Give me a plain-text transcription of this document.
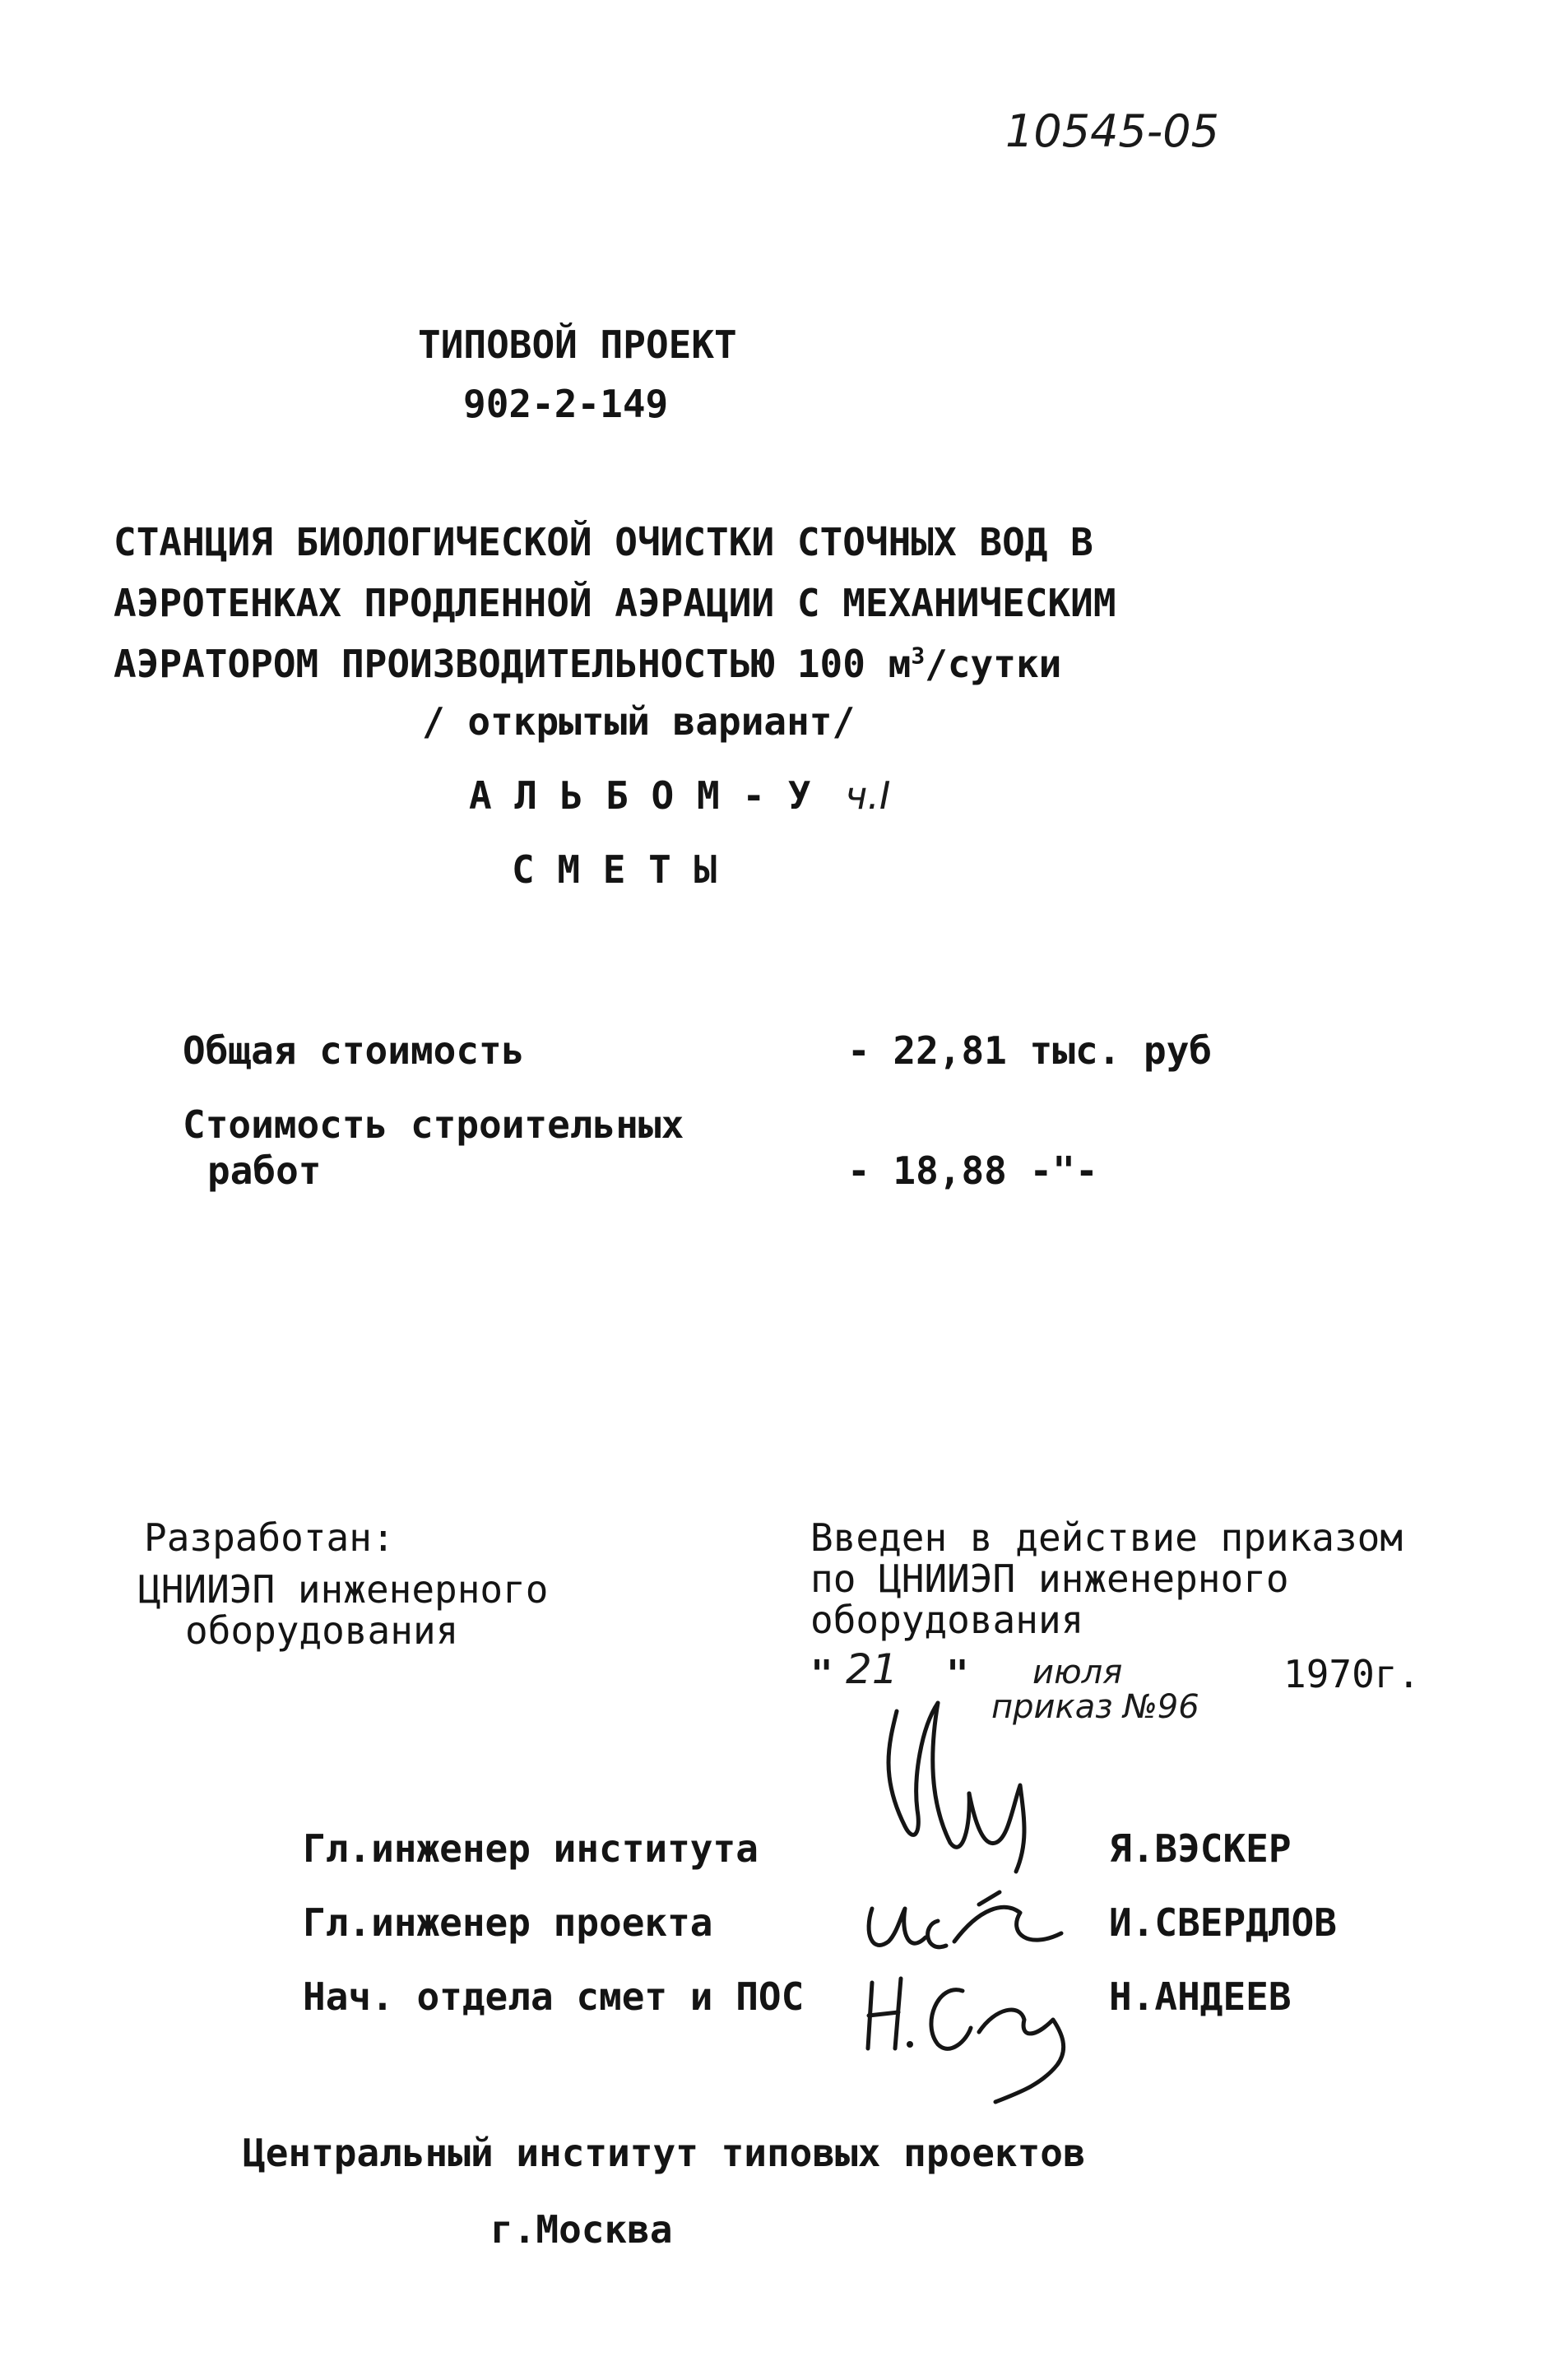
10545-05
ТИПОВОЙ ПРОЕКТ
902-2-149
СТАНЦИЯ БИОЛОГИЧЕСКОЙ ОЧИСТКИ СТОЧНЫХ ВОД В
АЭРОТЕНКАХ ПРОДЛЕННОЙ АЭРАЦИИ С МЕХАНИЧЕСКИМ
АЭРАТОРОМ ПРОИЗВОДИТЕЛЬНОСТЬЮ 100 $м^3$/сутки
/ открытый вариант/
А Л Ь Б О М - У ч.I
С М Е Т Ы
Общая стоимость	- 22,81 тыс. руб
Стоимость строительных
работ	- 18,88 -"-
Разработан:
ЦНИИЭП инженерного
оборудования
Введен в действие приказом
по ЦНИИЭП инженерного
оборудования
" 21 " июля	1970г.
приказ №96
Гл.инженер института	Я.ВЭСКЕР
Гл.инженер проекта	И.СВЕРДЛОВ
Нач. отдела смет и ПОС	Н.АНДЕЕВ
Центральный институт типовых проектов
г.Москва
